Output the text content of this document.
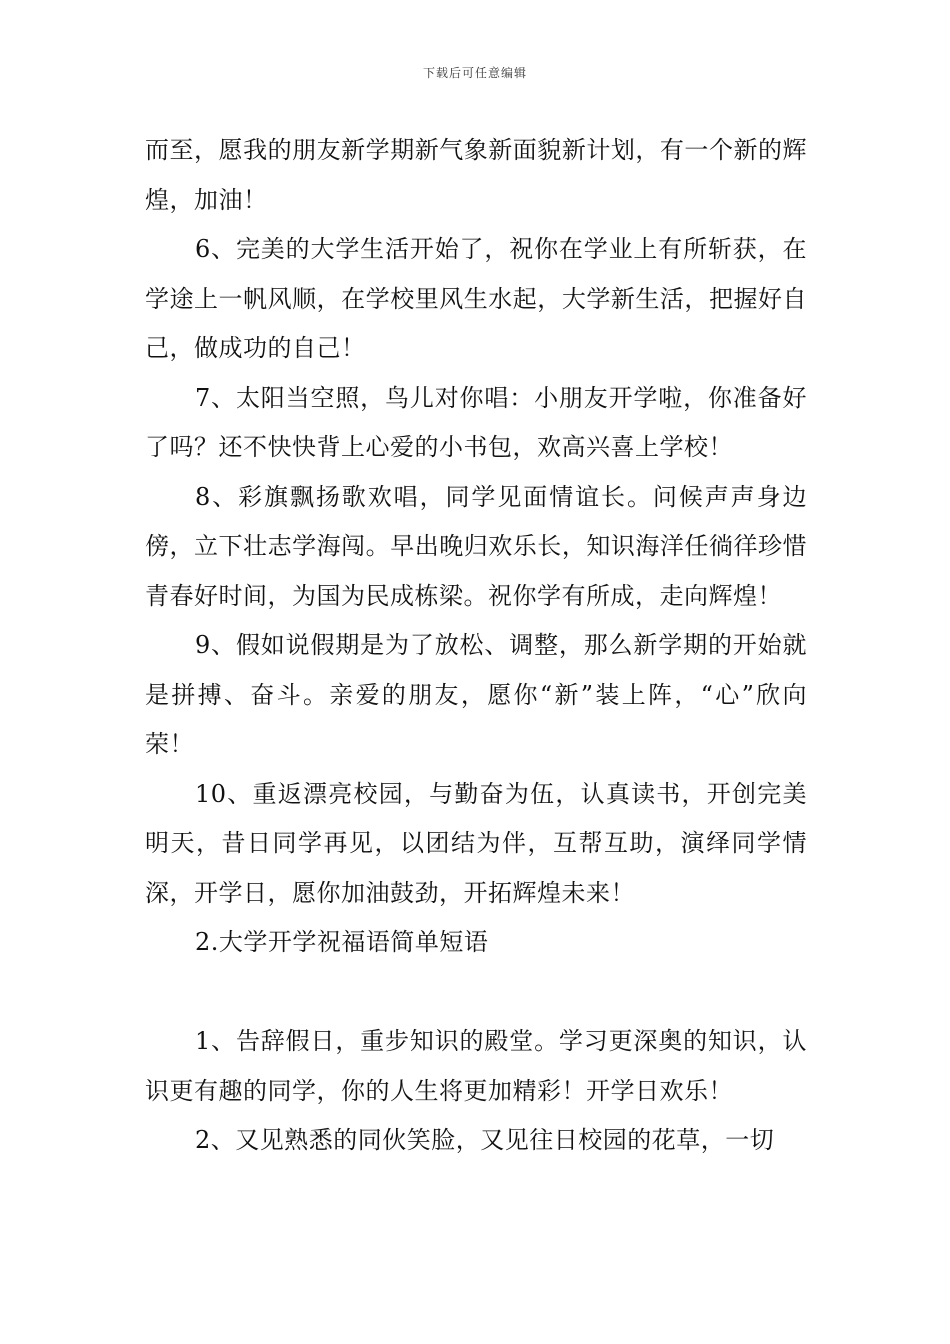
下载后可任意编辑

而至，愿我的朋友新学期新气象新面貌新计划，有一个新的辉煌，加油！

6、完美的大学生活开始了，祝你在学业上有所斩获，在学途上一帆风顺，在学校里风生水起，大学新生活，把握好自己，做成功的自己！

7、太阳当空照，鸟儿对你唱：小朋友开学啦，你准备好了吗？还不快快背上心爱的小书包，欢高兴喜上学校！

8、彩旗飘扬歌欢唱，同学见面情谊长。问候声声身边傍，立下壮志学海闯。早出晚归欢乐长，知识海洋任徜徉珍惜青春好时间，为国为民成栋梁。祝你学有所成，走向辉煌！

9、假如说假期是为了放松、调整，那么新学期的开始就是拼搏、奋斗。亲爱的朋友，愿你“新”装上阵，“心”欣向荣！

10、重返漂亮校园，与勤奋为伍，认真读书，开创完美明天，昔日同学再见，以团结为伴，互帮互助，演绎同学情深，开学日，愿你加油鼓劲，开拓辉煌未来！

2.大学开学祝福语简单短语

1、告辞假日，重步知识的殿堂。学习更深奥的知识，认识更有趣的同学，你的人生将更加精彩！开学日欢乐！

2、又见熟悉的同伙笑脸，又见往日校园的花草，一切
